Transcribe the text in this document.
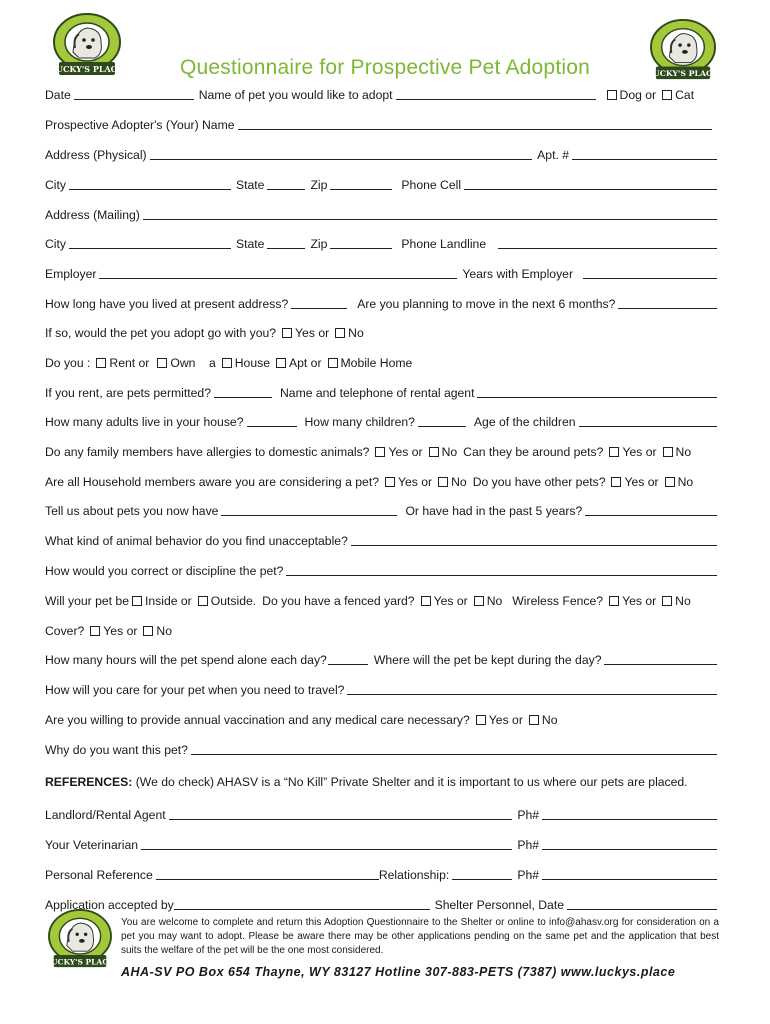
LUCKY'S PLACE	LUCKY'S PLACE
LUCKY'S PLACE
Questionnaire for Prospective Pet Adoption
Date	Name of pet you would like to adopt	Dog or Cat
Prospective Adopter's (Your) Name
Address (Physical)	Apt. #
City	State	Zip	Phone Cell
Address (Mailing)
City	State	Zip	Phone Landline
Employer	Years with Employer
How long have you lived at present address?	Are you planning to move in the next 6 months?
If so, would the pet you adopt go with you? Yes or No
Do you : Rent or Own    a House Apt or Mobile Home
If you rent, are pets permitted?	Name and telephone of rental agent
How many adults live in your house?	How many children?	Age of the children
Do any family members have allergies to domestic animals? Yes or No Can they be around pets? Yes or No
Are all Household members aware you are considering a pet? Yes or No Do you have other pets? Yes or No
Tell us about pets you now have	Or have had in the past 5 years?
What kind of animal behavior do you find unacceptable?
How would you correct or discipline the pet?
Will your pet be Inside or Outside. Do you have a fenced yard? Yes or No Wireless Fence? Yes or No
Cover? Yes or No
How many hours will the pet spend alone each day?	Where will the pet be kept during the day?
How will you care for your pet when you need to travel?
Are you willing to provide annual vaccination and any medical care necessary? Yes or No
Why do you want this pet?
REFERENCES: (We do check) AHASV is a “No Kill” Private Shelter and it is important to us where our pets are placed.
Landlord/Rental Agent	Ph#
Your Veterinarian	Ph#
Personal Reference	Relationship:	Ph#
Application accepted by	Shelter Personnel, Date
You are welcome to complete and return this Adoption Questionnaire to the Shelter or online to info@ahasv.org for consideration on a pet you may want to adopt. Please be aware there may be other applications pending on the same pet and the application that best suits the welfare of the pet will be the one most considered.
AHA-SV PO Box 654 Thayne, WY 83127 Hotline 307-883-PETS (7387) www.luckys.place
